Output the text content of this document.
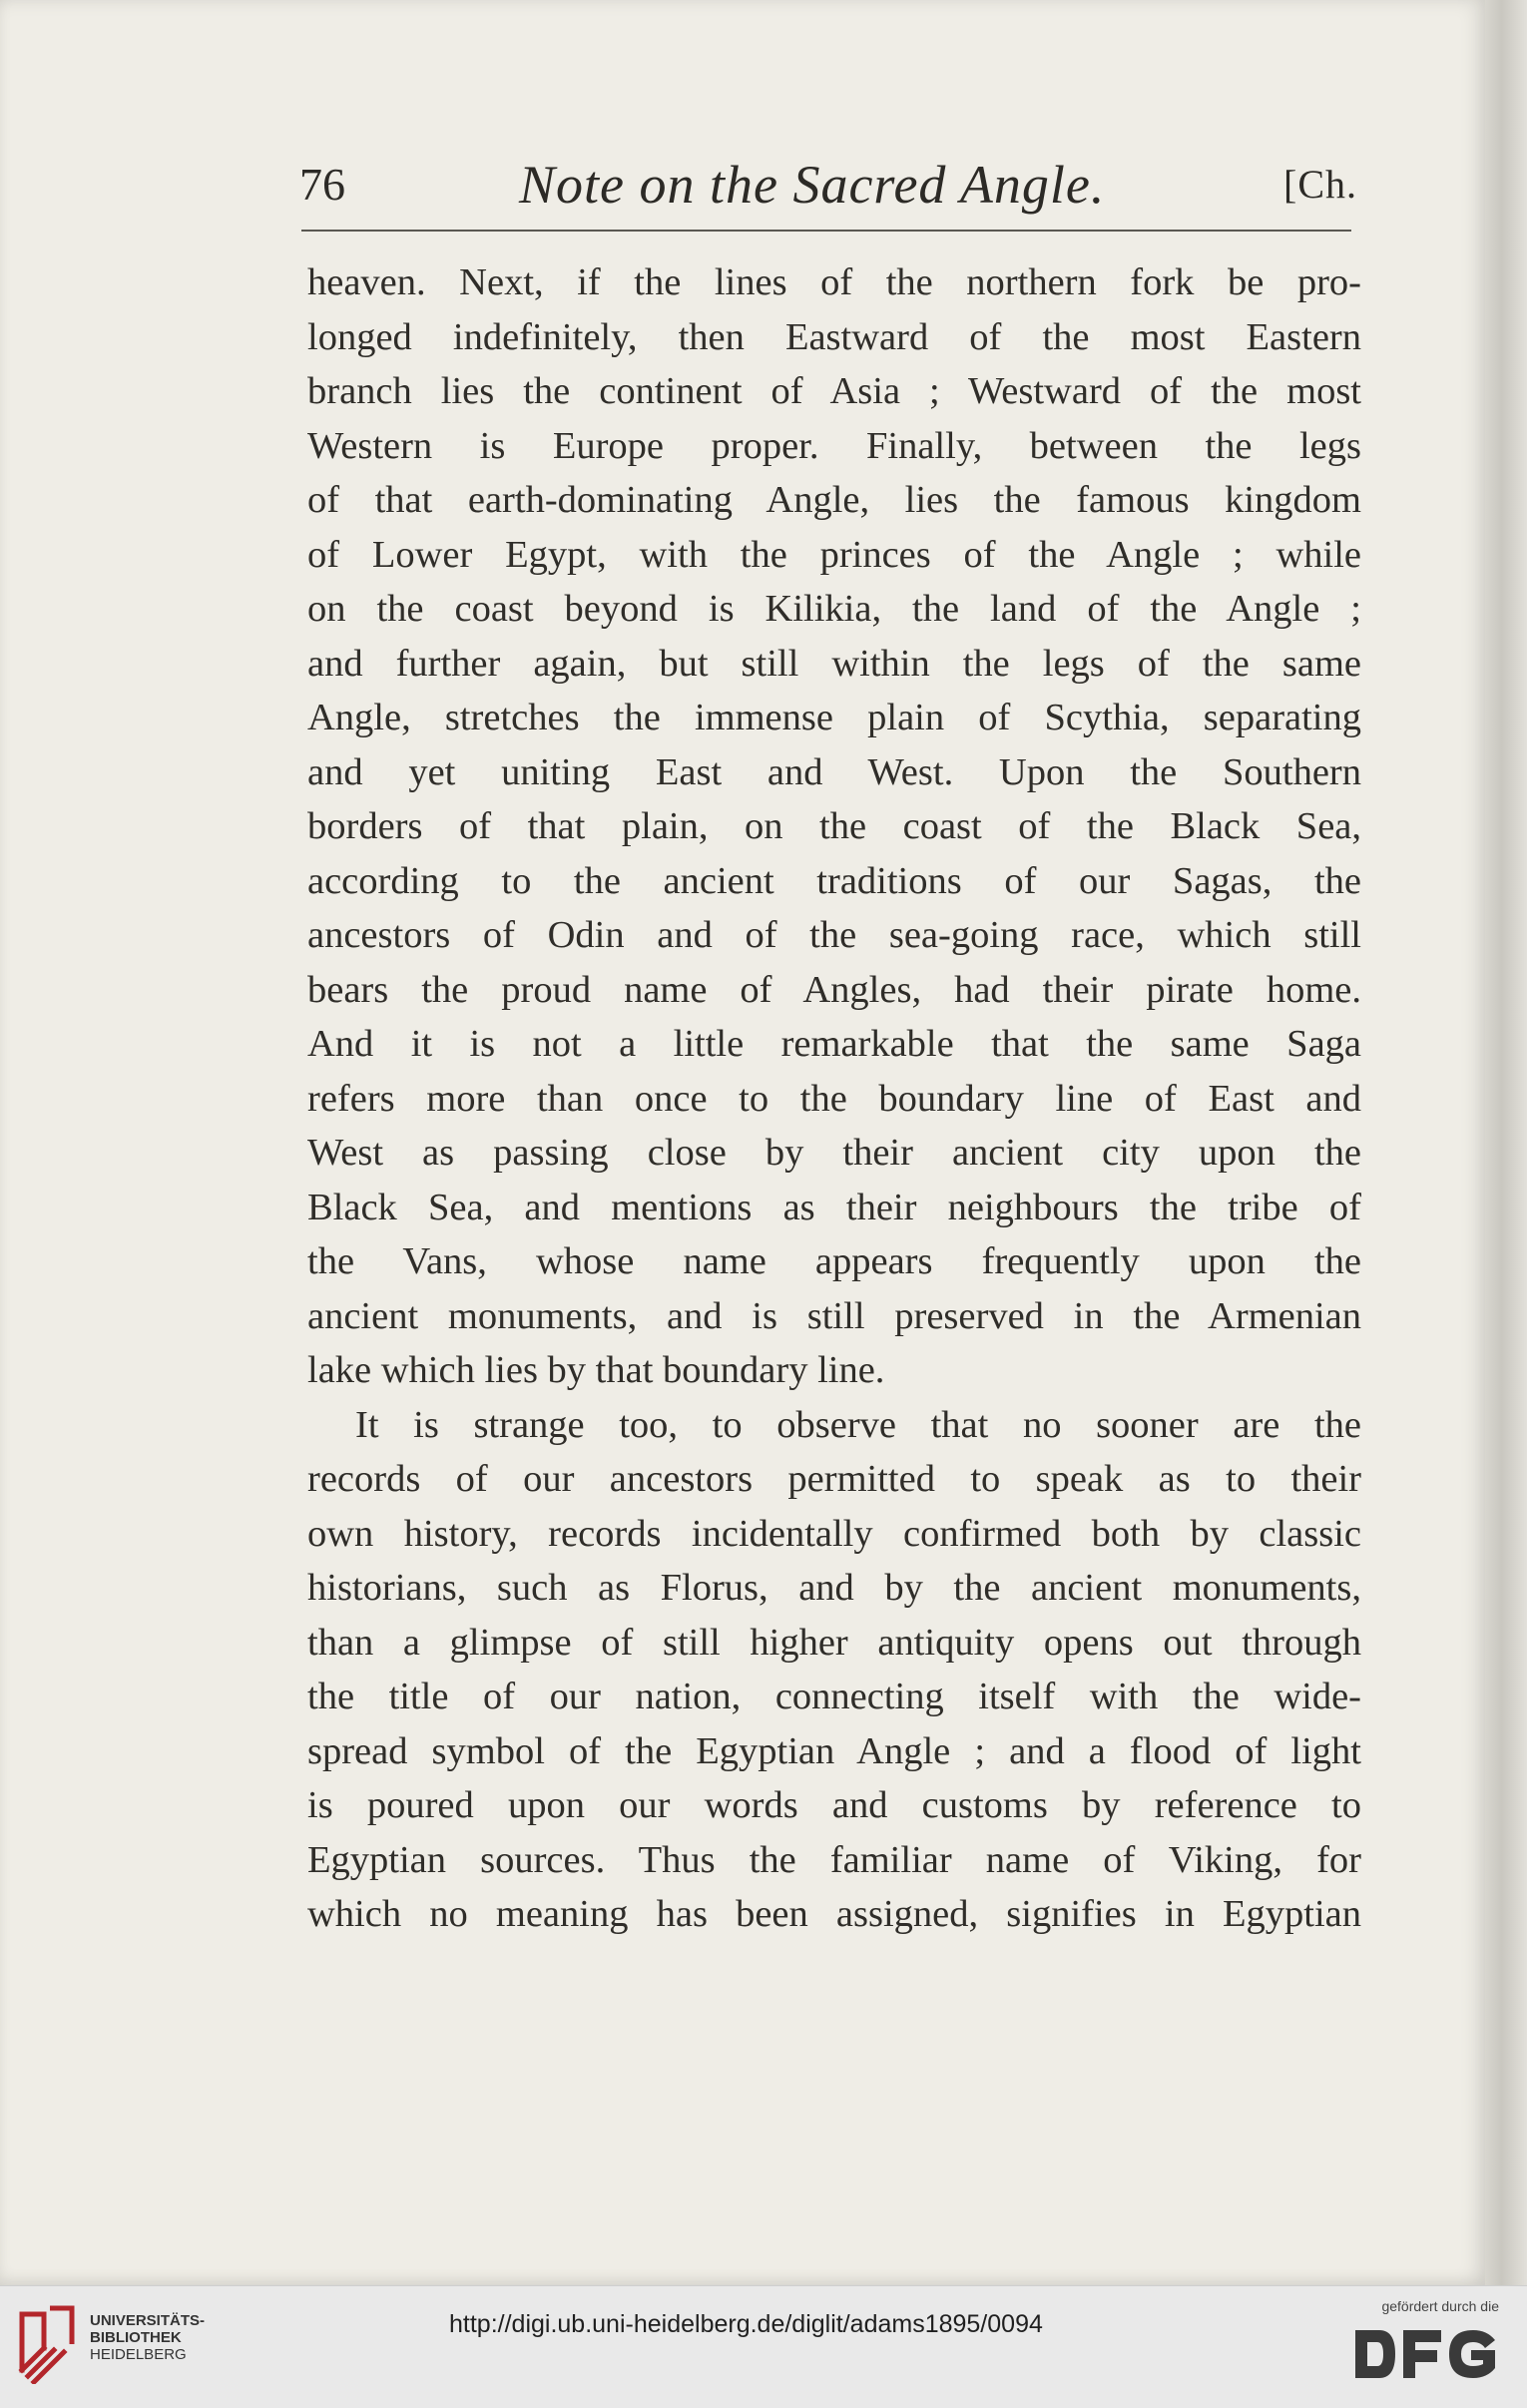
76	Note on the Sacred Angle.	[Ch.
heaven. Next, if the lines of the northern fork be pro-
longed indefinitely, then Eastward of the most Eastern
branch lies the continent of Asia ; Westward of the most
Western is Europe proper. Finally, between the legs
of that earth-dominating Angle, lies the famous kingdom
of Lower Egypt, with the princes of the Angle ; while
on the coast beyond is Kilikia, the land of the Angle ;
and further again, but still within the legs of the same
Angle, stretches the immense plain of Scythia, separating
and yet uniting East and West. Upon the Southern
borders of that plain, on the coast of the Black Sea,
according to the ancient traditions of our Sagas, the
ancestors of Odin and of the sea-going race, which still
bears the proud name of Angles, had their pirate home.
And it is not a little remarkable that the same Saga
refers more than once to the boundary line of East and
West as passing close by their ancient city upon the
Black Sea, and mentions as their neighbours the tribe of
the Vans, whose name appears frequently upon the
ancient monuments, and is still preserved in the Armenian
lake which lies by that boundary line.
It is strange too, to observe that no sooner are the
records of our ancestors permitted to speak as to their
own history, records incidentally confirmed both by classic
historians, such as Florus, and by the ancient monuments,
than a glimpse of still higher antiquity opens out through
the title of our nation, connecting itself with the wide-
spread symbol of the Egyptian Angle ; and a flood of light
is poured upon our words and customs by reference to
Egyptian sources. Thus the familiar name of Viking, for
which no meaning has been assigned, signifies in Egyptian
UNIVERSITÄTS-
BIBLIOTHEK
HEIDELBERG
http://digi.ub.uni-heidelberg.de/diglit/adams1895/0094
gefördert durch die
